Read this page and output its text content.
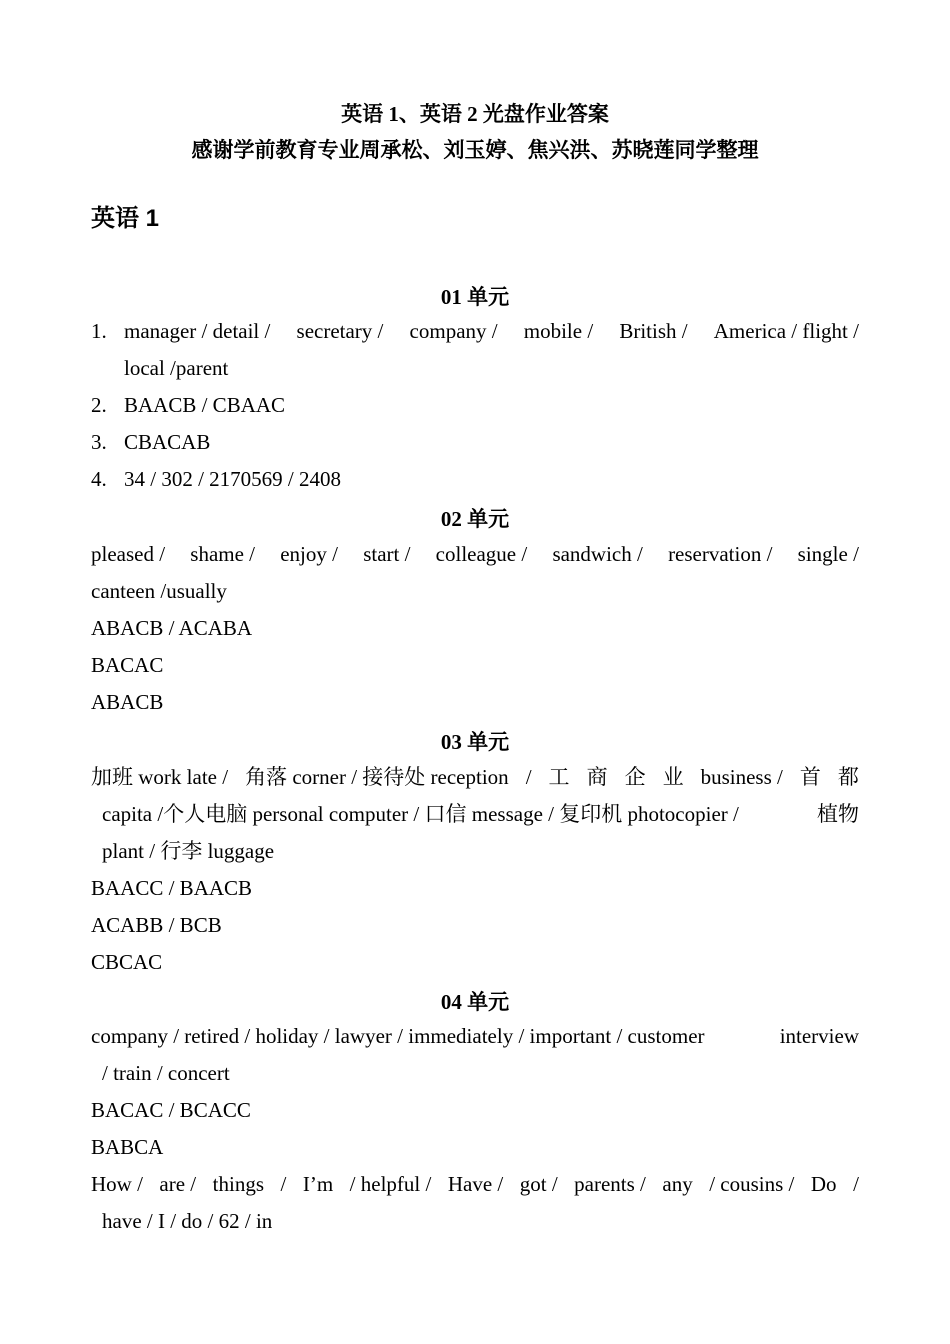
英语 1、英语 2 光盘作业答案
感谢学前教育专业周承松、刘玉婷、焦兴洪、苏晓莲同学整理
英语 1
01 单元
1. manager / detail / secretary / company / mobile / British / America / flight /
local /parent
2. BAACB / CBAAC
3. CBACAB
4. 34 / 302 / 2170569 / 2408
02 单元
pleased / shame / enjoy / start / colleague / sandwich / reservation / single /
canteen /usually
ABACB / ACABA
BACAC
ABACB
03 单元
加班 work late / 角落 corner / 接待处 reception / 工 商 企 业 business / 首 都
capita /个人电脑 personal computer / 口信 message / 复印机 photocopier /	植物
plant / 行李 luggage
BAACC / BAACB
ACABB / BCB
CBCAC
04 单元
company / retired / holiday / lawyer / immediately / important / customer	interview
/ train / concert
BACAC / BCACC
BABCA
How / are / things / I’m / helpful / Have / got / parents / any / cousins / Do /
have / I / do / 62 / in
